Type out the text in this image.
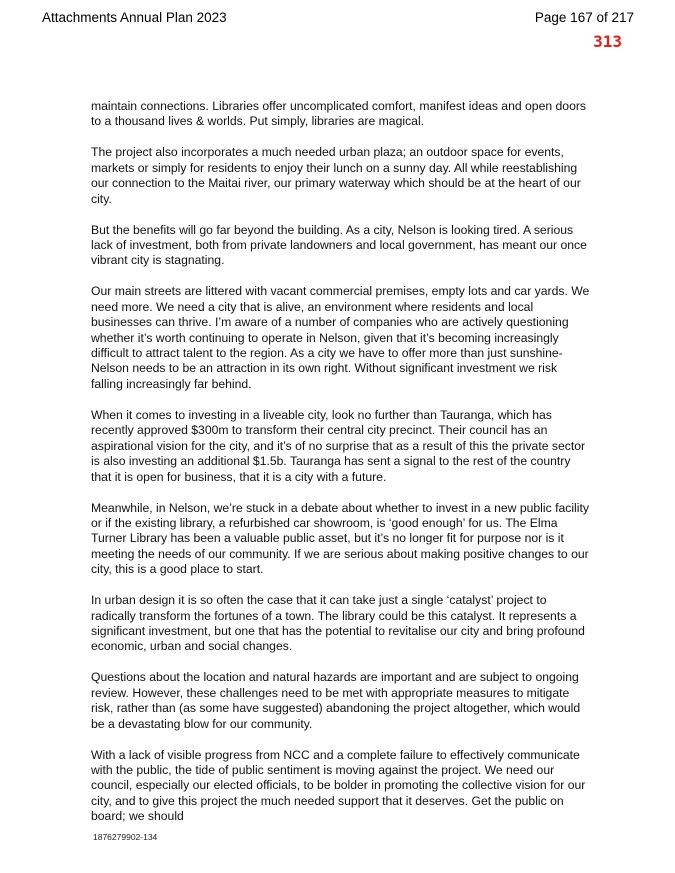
Attachments Annual Plan 2023	Page 167 of 217
313

maintain connections. Libraries offer uncomplicated comfort, manifest ideas and open doors to a thousand lives & worlds. Put simply, libraries are magical.

The project also incorporates a much needed urban plaza; an outdoor space for events, markets or simply for residents to enjoy their lunch on a sunny day. All while reestablishing our connection to the Maitai river, our primary waterway which should be at the heart of our city.

But the benefits will go far beyond the building. As a city, Nelson is looking tired. A serious lack of investment, both from private landowners and local government, has meant our once vibrant city is stagnating.

Our main streets are littered with vacant commercial premises, empty lots and car yards. We need more. We need a city that is alive, an environment where residents and local businesses can thrive. I’m aware of a number of companies who are actively questioning whether it’s worth continuing to operate in Nelson, given that it’s becoming increasingly difficult to attract talent to the region. As a city we have to offer more than just sunshine- Nelson needs to be an attraction in its own right. Without significant investment we risk falling increasingly far behind.

When it comes to investing in a liveable city, look no further than Tauranga, which has recently approved $300m to transform their central city precinct. Their council has an aspirational vision for the city, and it’s of no surprise that as a result of this the private sector is also investing an additional $1.5b. Tauranga has sent a signal to the rest of the country that it is open for business, that it is a city with a future.

Meanwhile, in Nelson, we’re stuck in a debate about whether to invest in a new public facility or if the existing library, a refurbished car showroom, is ‘good enough’ for us. The Elma Turner Library has been a valuable public asset, but it’s no longer fit for purpose nor is it meeting the needs of our community. If we are serious about making positive changes to our city, this is a good place to start.

In urban design it is so often the case that it can take just a single ‘catalyst’ project to radically transform the fortunes of a town. The library could be this catalyst. It represents a significant investment, but one that has the potential to revitalise our city and bring profound economic, urban and social changes.

Questions about the location and natural hazards are important and are subject to ongoing review. However, these challenges need to be met with appropriate measures to mitigate risk, rather than (as some have suggested) abandoning the project altogether, which would be a devastating blow for our community.

With a lack of visible progress from NCC and a complete failure to effectively communicate with the public, the tide of public sentiment is moving against the project. We need our council, especially our elected officials, to be bolder in promoting the collective vision for our city, and to give this project the much needed support that it deserves. Get the public on board; we should

1876279902-134
